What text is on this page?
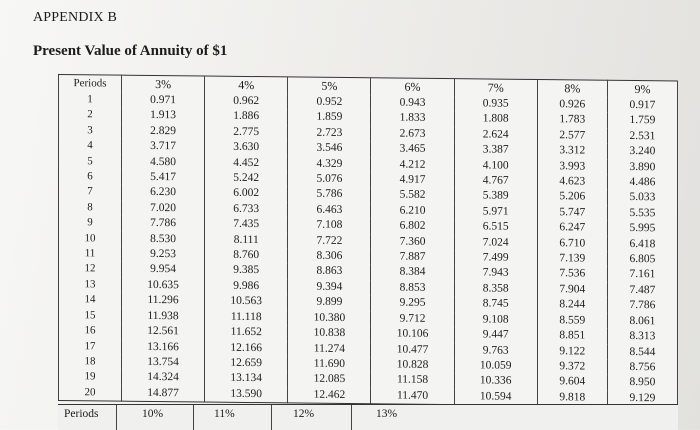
APPENDIX B
Present Value of Annuity of $1
Periods	3%	4%	5%	6%	7%	8%	9%
1	0.971	0.962	0.952	0.943	0.935	0.926	0.917
2	1.913	1.886	1.859	1.833	1.808	1.783	1.759
3	2.829	2.775	2.723	2.673	2.624	2.577	2.531
4	3.717	3.630	3.546	3.465	3.387	3.312	3.240
5	4.580	4.452	4.329	4.212	4.100	3.993	3.890
6	5.417	5.242	5.076	4.917	4.767	4.623	4.486
7	6.230	6.002	5.786	5.582	5.389	5.206	5.033
8	7.020	6.733	6.463	6.210	5.971	5.747	5.535
9	7.786	7.435	7.108	6.802	6.515	6.247	5.995
10	8.530	8.111	7.722	7.360	7.024	6.710	6.418
11	9.253	8.760	8.306	7.887	7.499	7.139	6.805
12	9.954	9.385	8.863	8.384	7.943	7.536	7.161
13	10.635	9.986	9.394	8.853	8.358	7.904	7.487
14	11.296	10.563	9.899	9.295	8.745	8.244	7.786
15	11.938	11.118	10.380	9.712	9.108	8.559	8.061
16	12.561	11.652	10.838	10.106	9.447	8.851	8.313
17	13.166	12.166	11.274	10.477	9.763	9.122	8.544
18	13.754	12.659	11.690	10.828	10.059	9.372	8.756
19	14.324	13.134	12.085	11.158	10.336	9.604	8.950
20	14.877	13.590	12.462	11.470	10.594	9.818	9.129
Periods	10%	11%	12%	13%
